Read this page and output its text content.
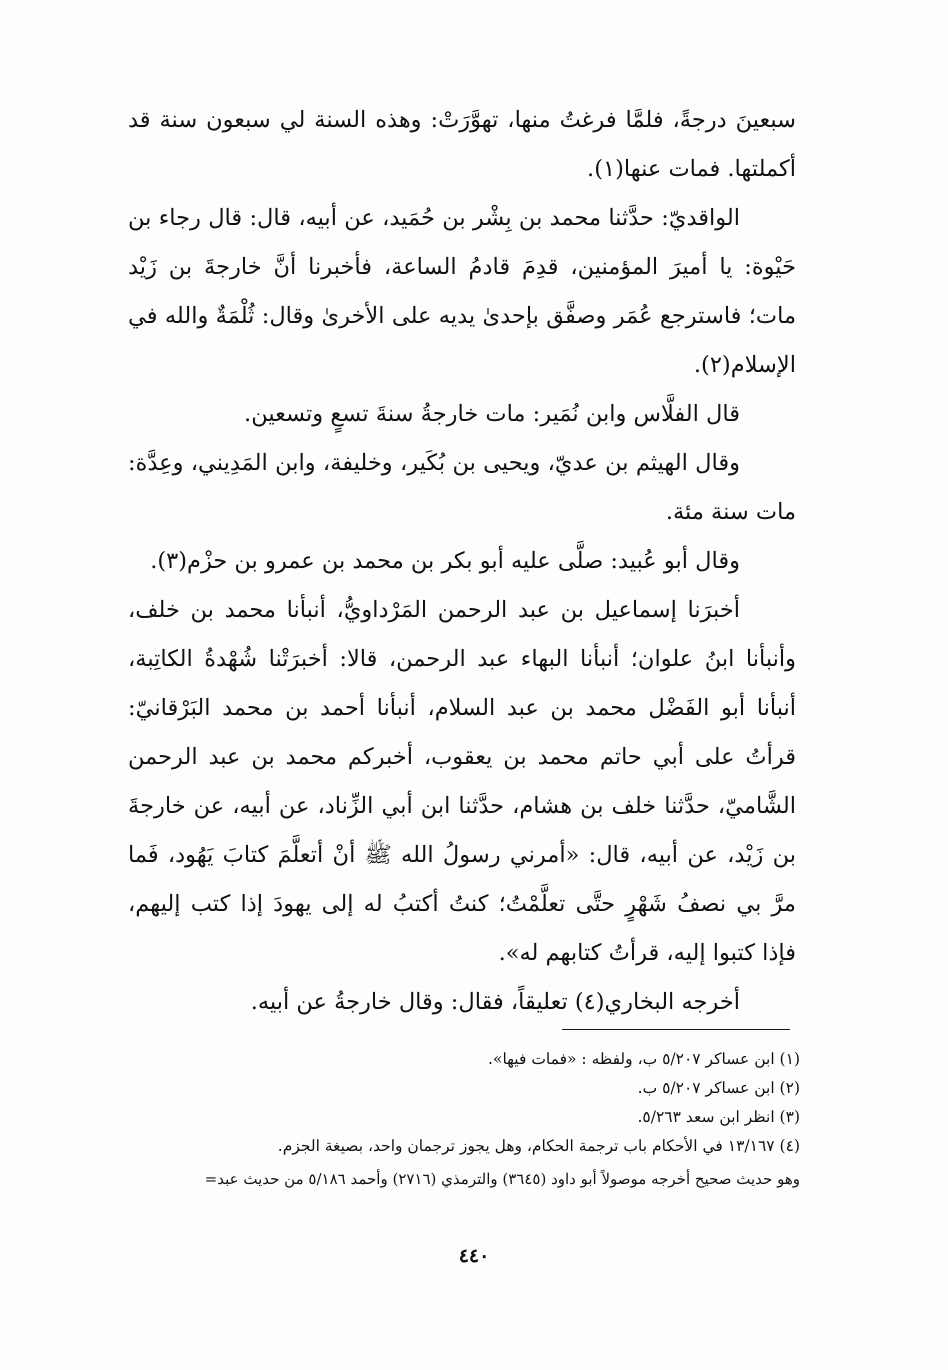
سبعينَ درجةً، فلمَّا فرغتُ منها، تهوَّرَتْ: وهذه السنة لي سبعون سنة قد أكملتها. فمات عنها(١).

الواقديّ: حدَّثنا محمد بن بِشْر بن حُمَيد، عن أبيه، قال: قال رجاء بن حَيْوة: يا أميرَ المؤمنين، قدِمَ قادمُ الساعة، فأخبرنا أنَّ خارجةَ بن زَيْد مات؛ فاسترجع عُمَر وصفَّق بإحدىٰ يديه على الأخرىٰ وقال: ثُلْمَةٌ والله في الإسلام(٢).

قال الفلَّاس وابن نُمَير: مات خارجةُ سنةَ تسعٍ وتسعين.

وقال الهيثم بن عديّ، ويحيى بن بُكَير، وخليفة، وابن المَدِيني، وعِدَّة: مات سنة مئة.

وقال أبو عُبيد: صلَّى عليه أبو بكر بن محمد بن عمرو بن حزْم(٣).

أخبرَنا إسماعيل بن عبد الرحمن المَرْداويُّ، أنبأنا محمد بن خلف، وأنبأنا ابنُ علوان؛ أنبأنا البهاء عبد الرحمن، قالا: أخبرَتْنا شُهْدةُ الكاتِبة، أنبأنا أبو الفَضْل محمد بن عبد السلام، أنبأنا أحمد بن محمد البَرْقانيّ: قرأتُ على أبي حاتم محمد بن يعقوب، أخبركم محمد بن عبد الرحمن الشَّاميّ، حدَّثنا خلف بن هشام، حدَّثنا ابن أبي الزِّناد، عن أبيه، عن خارجةَ بن زَيْد، عن أبيه، قال: «أمرني رسولُ الله ﷺ أنْ أتعلَّمَ كتابَ يَهُود، فَما مرَّ بي نصفُ شَهْرٍ حتَّى تعلَّمْتُ؛ كنتُ أكتبُ له إلى يهودَ إذا كتب إليهم، فإذا كتبوا إليه، قرأتُ كتابهم له».

أخرجه البخاري(٤) تعليقاً، فقال: وقال خارجةُ عن أبيه.

(١) ابن عساكر ٥/٢٠٧ ب، ولفظه : «فمات فيها».

(٢) ابن عساكر ٥/٢٠٧ ب.

(٣) انظر ابن سعد ٥/٢٦٣.

(٤) ١٣/١٦٧ في الأحكام باب ترجمة الحكام، وهل يجوز ترجمان واحد، بصيغة الجزم.

وهو حديث صحيح أخرجه موصولاً أبو داود (٣٦٤٥) والترمذي (٢٧١٦) وأحمد ٥/١٨٦ من حديث عبد=

٤٤٠
